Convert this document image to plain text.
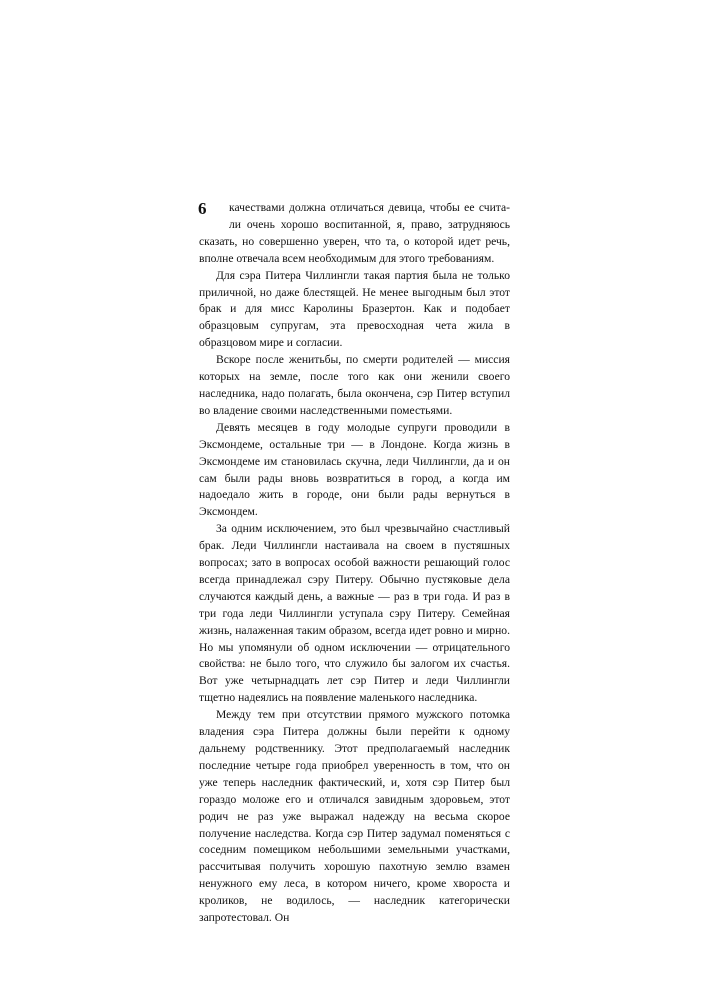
6	качествами должна отличаться девица, чтобы ее счита-
ли очень хорошо воспитанной, я, право, затрудняюсь
сказать, но совершенно уверен, что та, о которой идет речь, вполне отвечала всем необходимым для этого требованиям.

Для сэра Питера Чиллингли такая партия была не только приличной, но даже блестящей. Не менее выгодным был этот брак и для мисс Каролины Бразертон. Как и подобает образцовым супругам, эта превосходная чета жила в образцовом мире и согласии.

Вскоре после женитьбы, по смерти родителей — миссия которых на земле, после того как они женили своего наследника, надо полагать, была окончена, сэр Питер вступил во владение своими наследственными поместьями.

Девять месяцев в году молодые супруги проводили в Эксмондеме, остальные три — в Лондоне. Когда жизнь в Эксмондеме им становилась скучна, леди Чиллингли, да и он сам были рады вновь возвратиться в город, а когда им надоедало жить в городе, они были рады вернуться в Эксмондем.

За одним исключением, это был чрезвычайно счастливый брак. Леди Чиллингли настаивала на своем в пустяшных вопросах; зато в вопросах особой важности решающий голос всегда принадлежал сэру Питеру. Обычно пустяковые дела случаются каждый день, а важные — раз в три года. И раз в три года леди Чиллингли уступала сэру Питеру. Семейная жизнь, налаженная таким образом, всегда идет ровно и мирно. Но мы упомянули об одном исключении — отрицательного свойства: не было того, что служило бы залогом их счастья. Вот уже четырнадцать лет сэр Питер и леди Чиллингли тщетно надеялись на появление маленького наследника.

Между тем при отсутствии прямого мужского потомка владения сэра Питера должны были перейти к одному дальнему родственнику. Этот предполагаемый наследник последние четыре года приобрел уверенность в том, что он уже теперь наследник фактический, и, хотя сэр Питер был гораздо моложе его и отличался завидным здоровьем, этот родич не раз уже выражал надежду на весьма скорое получение наследства. Когда сэр Питер задумал поменяться с соседним помещиком небольшими земельными участками, рассчитывая получить хорошую пахотную землю взамен ненужного ему леса, в котором ничего, кроме хвороста и кроликов, не водилось, — наследник категорически запротестовал. Он
